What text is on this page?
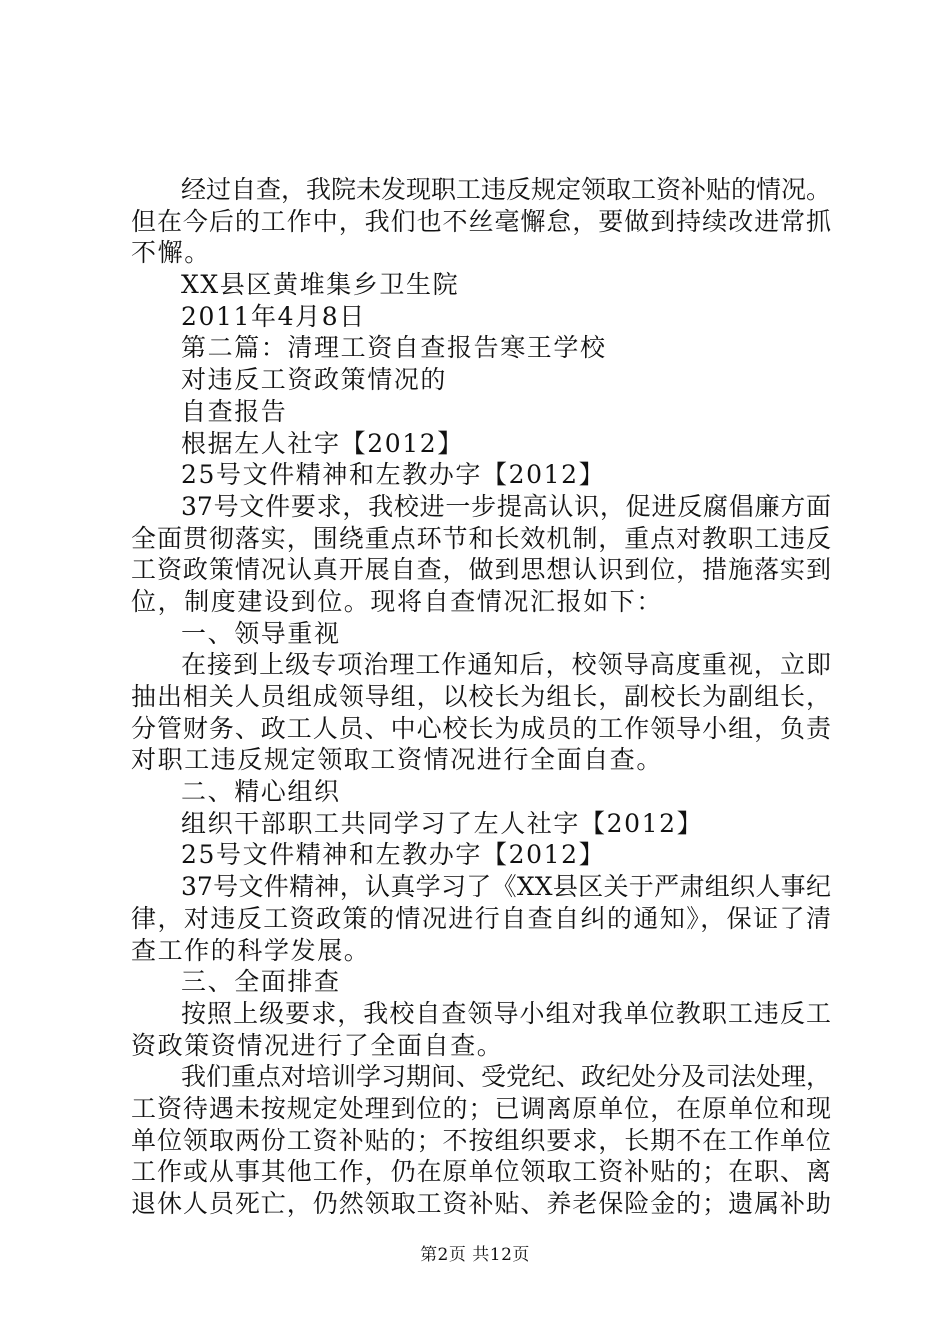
经过自查，我院未发现职工违反规定领取工资补贴的情况。
但在今后的工作中，我们也不丝毫懈怠，要做到持续改进常抓
不懈。
XX县区黄堆集乡卫生院
2011年4月8日
第二篇：清理工资自查报告寒王学校
对违反工资政策情况的
自查报告
根据左人社字【2012】
25号文件精神和左教办字【2012】
37号文件要求，我校进一步提高认识，促进反腐倡廉方面
全面贯彻落实，围绕重点环节和长效机制，重点对教职工违反
工资政策情况认真开展自查，做到思想认识到位，措施落实到
位，制度建设到位。现将自查情况汇报如下：
一、领导重视
在接到上级专项治理工作通知后，校领导高度重视，立即
抽出相关人员组成领导组，以校长为组长，副校长为副组长，
分管财务、政工人员、中心校长为成员的工作领导小组，负责
对职工违反规定领取工资情况进行全面自查。
二、精心组织
组织干部职工共同学习了左人社字【2012】
25号文件精神和左教办字【2012】
37号文件精神，认真学习了《XX县区关于严肃组织人事纪
律，对违反工资政策的情况进行自查自纠的通知》，保证了清
查工作的科学发展。
三、全面排查
按照上级要求，我校自查领导小组对我单位教职工违反工
资政策资情况进行了全面自查。
我们重点对培训学习期间、受党纪、政纪处分及司法处理，
工资待遇未按规定处理到位的；已调离原单位，在原单位和现
单位领取两份工资补贴的；不按组织要求，长期不在工作单位
工作或从事其他工作，仍在原单位领取工资补贴的；在职、离
退休人员死亡，仍然领取工资补贴、养老保险金的；遗属补助
第2页 共12页
